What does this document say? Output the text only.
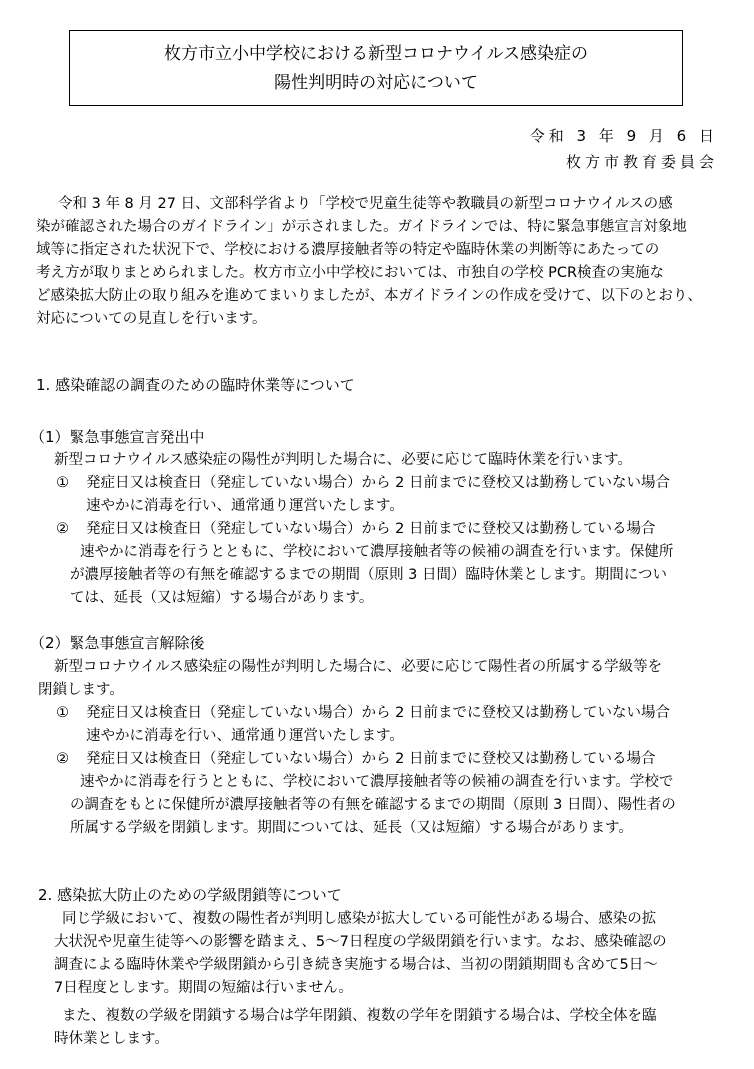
枚方市立小中学校における新型コロナウイルス感染症の
陽性判明時の対応について
令和 3 年 9 月 6 日
枚方市教育委員会
令和 3 年 8 月 27 日、文部科学省より「学校で児童生徒等や教職員の新型コロナウイルスの感
染が確認された場合のガイドライン」が示されました。ガイドラインでは、特に緊急事態宣言対象地
域等に指定された状況下で、学校における濃厚接触者等の特定や臨時休業の判断等にあたっての
考え方が取りまとめられました。枚方市立小中学校においては、市独自の学校 PCR検査の実施な
ど感染拡大防止の取り組みを進めてまいりましたが、本ガイドラインの作成を受けて、以下のとおり、
対応についての見直しを行います。
1. 感染確認の調査のための臨時休業等について
（1）緊急事態宣言発出中
新型コロナウイルス感染症の陽性が判明した場合に、必要に応じて臨時休業を行います。
① 発症日又は検査日（発症していない場合）から 2 日前までに登校又は勤務していない場合
速やかに消毒を行い、通常通り運営いたします。
② 発症日又は検査日（発症していない場合）から 2 日前までに登校又は勤務している場合
速やかに消毒を行うとともに、学校において濃厚接触者等の候補の調査を行います。保健所
が濃厚接触者等の有無を確認するまでの期間（原則 3 日間）臨時休業とします。期間につい
ては、延長（又は短縮）する場合があります。
（2）緊急事態宣言解除後
新型コロナウイルス感染症の陽性が判明した場合に、必要に応じて陽性者の所属する学級等を
閉鎖します。
① 発症日又は検査日（発症していない場合）から 2 日前までに登校又は勤務していない場合
速やかに消毒を行い、通常通り運営いたします。
② 発症日又は検査日（発症していない場合）から 2 日前までに登校又は勤務している場合
速やかに消毒を行うとともに、学校において濃厚接触者等の候補の調査を行います。学校で
の調査をもとに保健所が濃厚接触者等の有無を確認するまでの期間（原則 3 日間）、陽性者の
所属する学級を閉鎖します。期間については、延長（又は短縮）する場合があります。
2. 感染拡大防止のための学級閉鎖等について
同じ学級において、複数の陽性者が判明し感染が拡大している可能性がある場合、感染の拡
大状況や児童生徒等への影響を踏まえ、5～7日程度の学級閉鎖を行います。なお、感染確認の
調査による臨時休業や学級閉鎖から引き続き実施する場合は、当初の閉鎖期間も含めて5日～
7日程度とします。期間の短縮は行いません。
また、複数の学級を閉鎖する場合は学年閉鎖、複数の学年を閉鎖する場合は、学校全体を臨
時休業とします。
